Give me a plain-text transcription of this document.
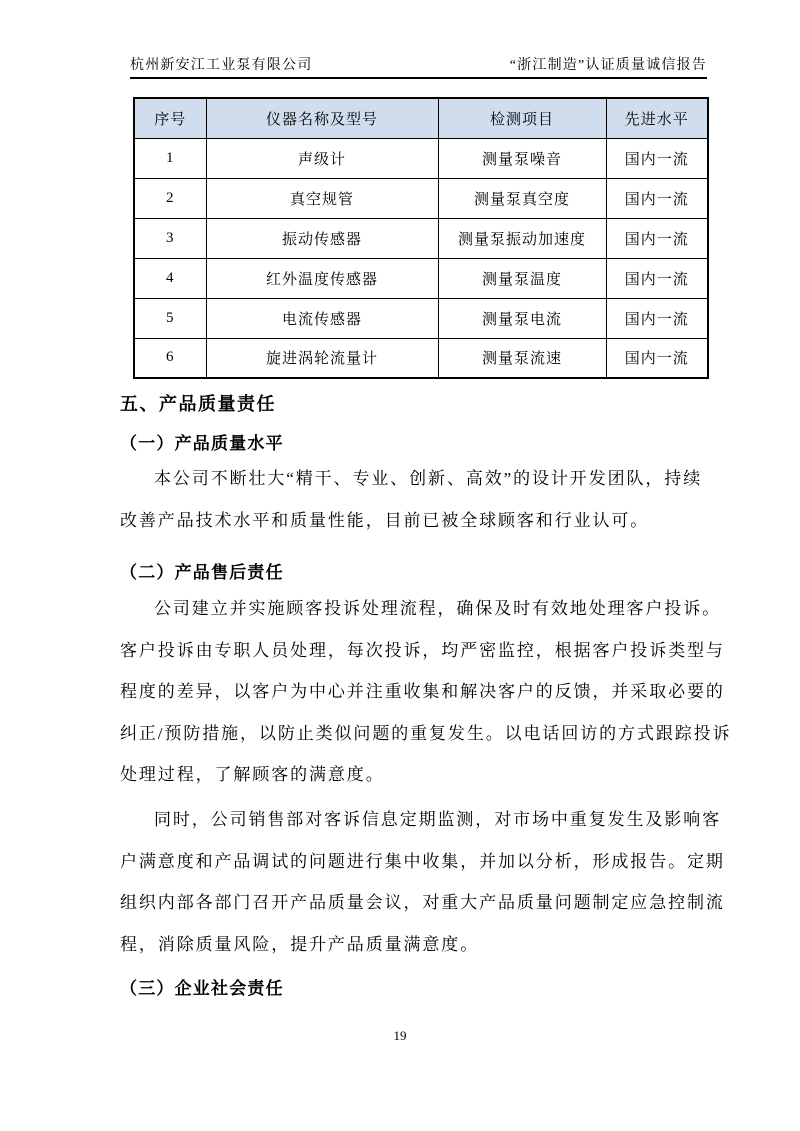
杭州新安江工业泵有限公司	“浙江制造”认证质量诚信报告
序号	仪器名称及型号	检测项目	先进水平
1	声级计	测量泵噪音	国内一流
2	真空规管	测量泵真空度	国内一流
3	振动传感器	测量泵振动加速度	国内一流
4	红外温度传感器	测量泵温度	国内一流
5	电流传感器	测量泵电流	国内一流
6	旋进涡轮流量计	测量泵流速	国内一流
五、产品质量责任
（一）产品质量水平
本公司不断壮大“精干、专业、创新、高效”的设计开发团队，持续
改善产品技术水平和质量性能，目前已被全球顾客和行业认可。
（二）产品售后责任
公司建立并实施顾客投诉处理流程，确保及时有效地处理客户投诉。
客户投诉由专职人员处理，每次投诉，均严密监控，根据客户投诉类型与
程度的差异，以客户为中心并注重收集和解决客户的反馈，并采取必要的
纠正/预防措施，以防止类似问题的重复发生。以电话回访的方式跟踪投诉
处理过程，了解顾客的满意度。
同时，公司销售部对客诉信息定期监测，对市场中重复发生及影响客
户满意度和产品调试的问题进行集中收集，并加以分析，形成报告。定期
组织内部各部门召开产品质量会议，对重大产品质量问题制定应急控制流
程，消除质量风险，提升产品质量满意度。
（三）企业社会责任
19
